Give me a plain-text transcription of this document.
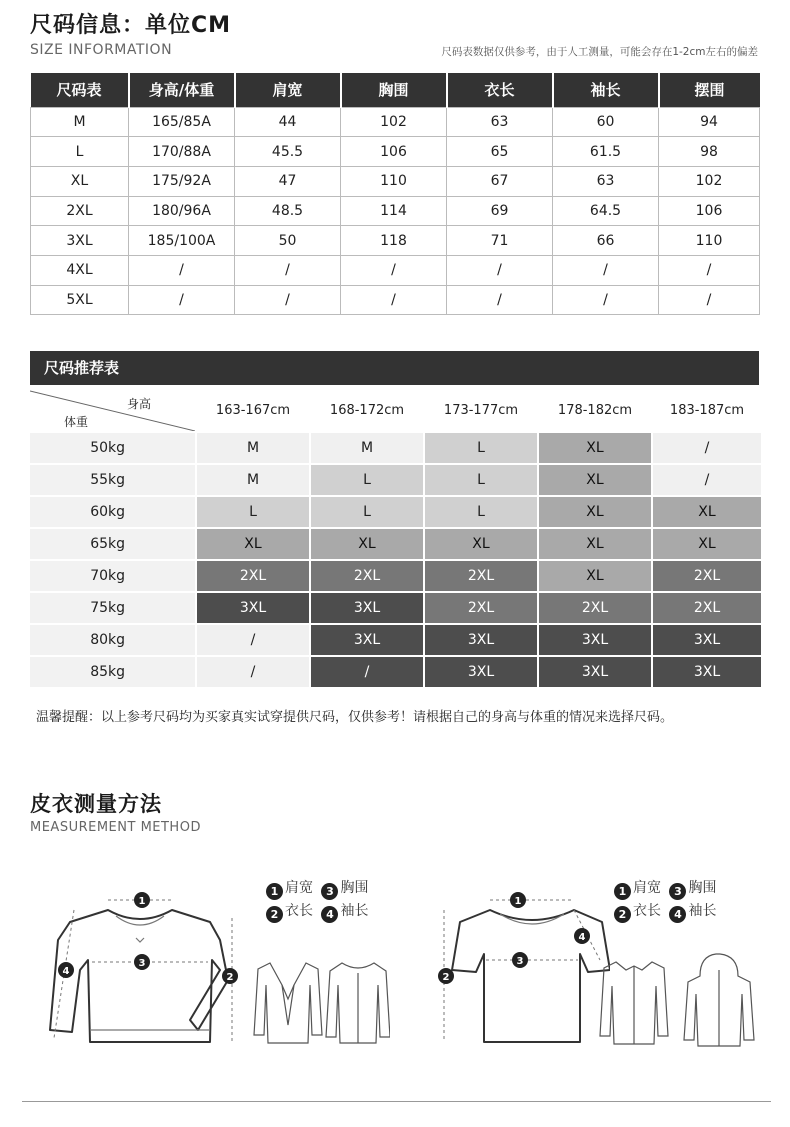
尺码信息：单位CM
SIZE INFORMATION	尺码表数据仅供参考，由于人工测量，可能会存在1-2cm左右的偏差
尺码表	身高/体重	肩宽	胸围	衣长	袖长	摆围
M	165/85A	44	102	63	60	94
L	170/88A	45.5	106	65	61.5	98
XL	175/92A	47	110	67	63	102
2XL	180/96A	48.5	114	69	64.5	106
3XL	185/100A	50	118	71	66	110
4XL	/	/	/	/	/	/
5XL	/	/	/	/	/	/
尺码推荐表
身高
体重	163-167cm	168-172cm	173-177cm	178-182cm	183-187cm
50kg	M	M	L	XL	/
55kg	M	L	L	XL	/
60kg	L	L	L	XL	XL
65kg	XL	XL	XL	XL	XL
70kg	2XL	2XL	2XL	XL	2XL
75kg	3XL	3XL	2XL	2XL	2XL
80kg	/	3XL	3XL	3XL	3XL
85kg	/	/	3XL	3XL	3XL
温馨提醒：以上参考尺码均为买家真实试穿提供尺码，仅供参考！请根据自己的身高与体重的情况来选择尺码。
皮衣测量方法
MEASUREMENT METHOD
1 肩宽 3 胸围
2 衣长 4 袖长
1 肩宽 3 胸围
2 衣长 4 袖长
1
3
2
4
1
3
2
4
